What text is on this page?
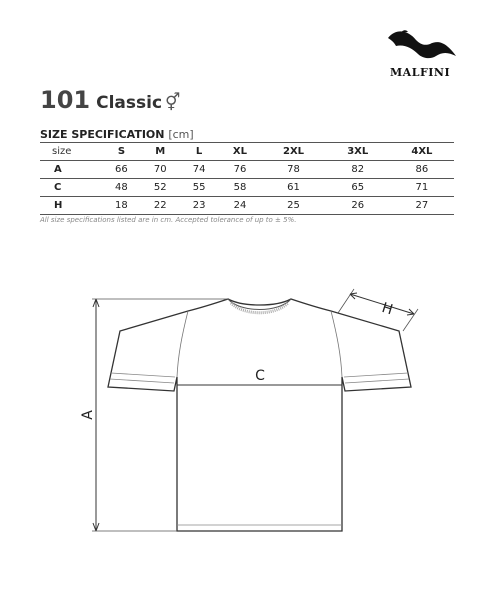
MALFINI
101 Classic ⚥
SIZE SPECIFICATION [cm]
size	S	M	L	XL	2XL	3XL	4XL
A	66	70	74	76	78	82	86
C	48	52	55	58	61	65	71
H	18	22	23	24	25	26	27
All size specifications listed are in cm. Accepted tolerance of up to ± 5%.
C
A
H
